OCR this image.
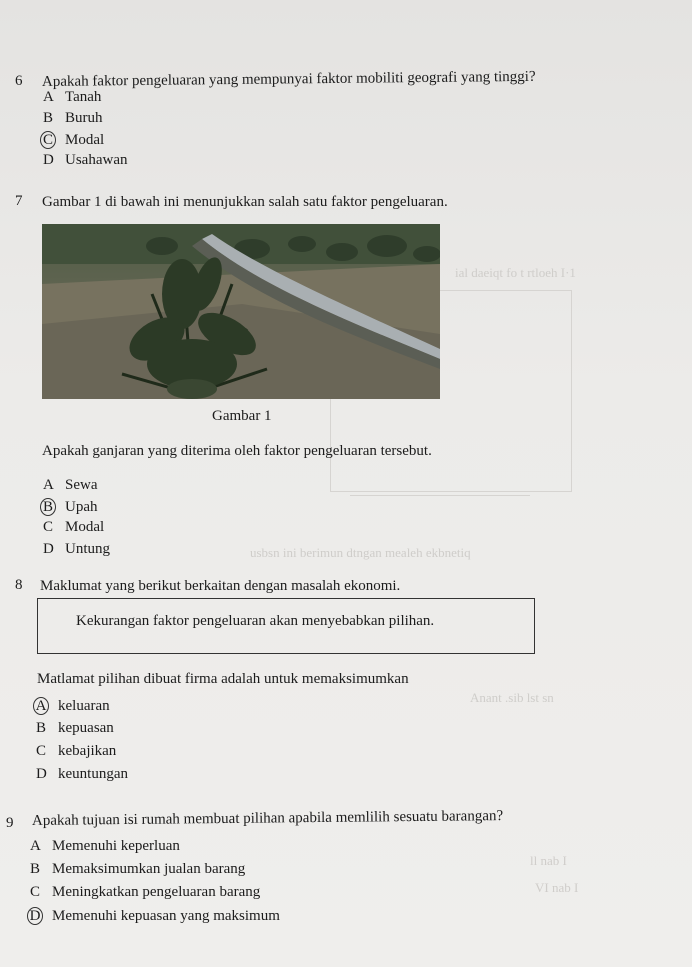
ial daeiqt fo t rtloeh I·1
usbsn ini berimun dtngan mealeh ekbnetiq
Anant .sib lst sn
ll nab I
VI nab I
6 Apakah faktor pengeluaran yang mempunyai faktor mobiliti geografi yang tinggi?
A Tanah
B Buruh
C Modal
D Usahawan
7 Gambar 1 di bawah ini menunjukkan salah satu faktor pengeluaran.
Gambar 1
Apakah ganjaran yang diterima oleh faktor pengeluaran tersebut.
A Sewa
B Upah
C Modal
D Untung
8 Maklumat yang berikut berkaitan dengan masalah ekonomi.
Kekurangan faktor pengeluaran akan menyebabkan pilihan.
Matlamat pilihan dibuat firma adalah untuk memaksimumkan
A keluaran
B kepuasan
C kebajikan
D keuntungan
9 Apakah tujuan isi rumah membuat pilihan apabila memlilih sesuatu barangan?
A Memenuhi keperluan
B Memaksimumkan jualan barang
C Meningkatkan pengeluaran barang
D Memenuhi kepuasan yang maksimum
